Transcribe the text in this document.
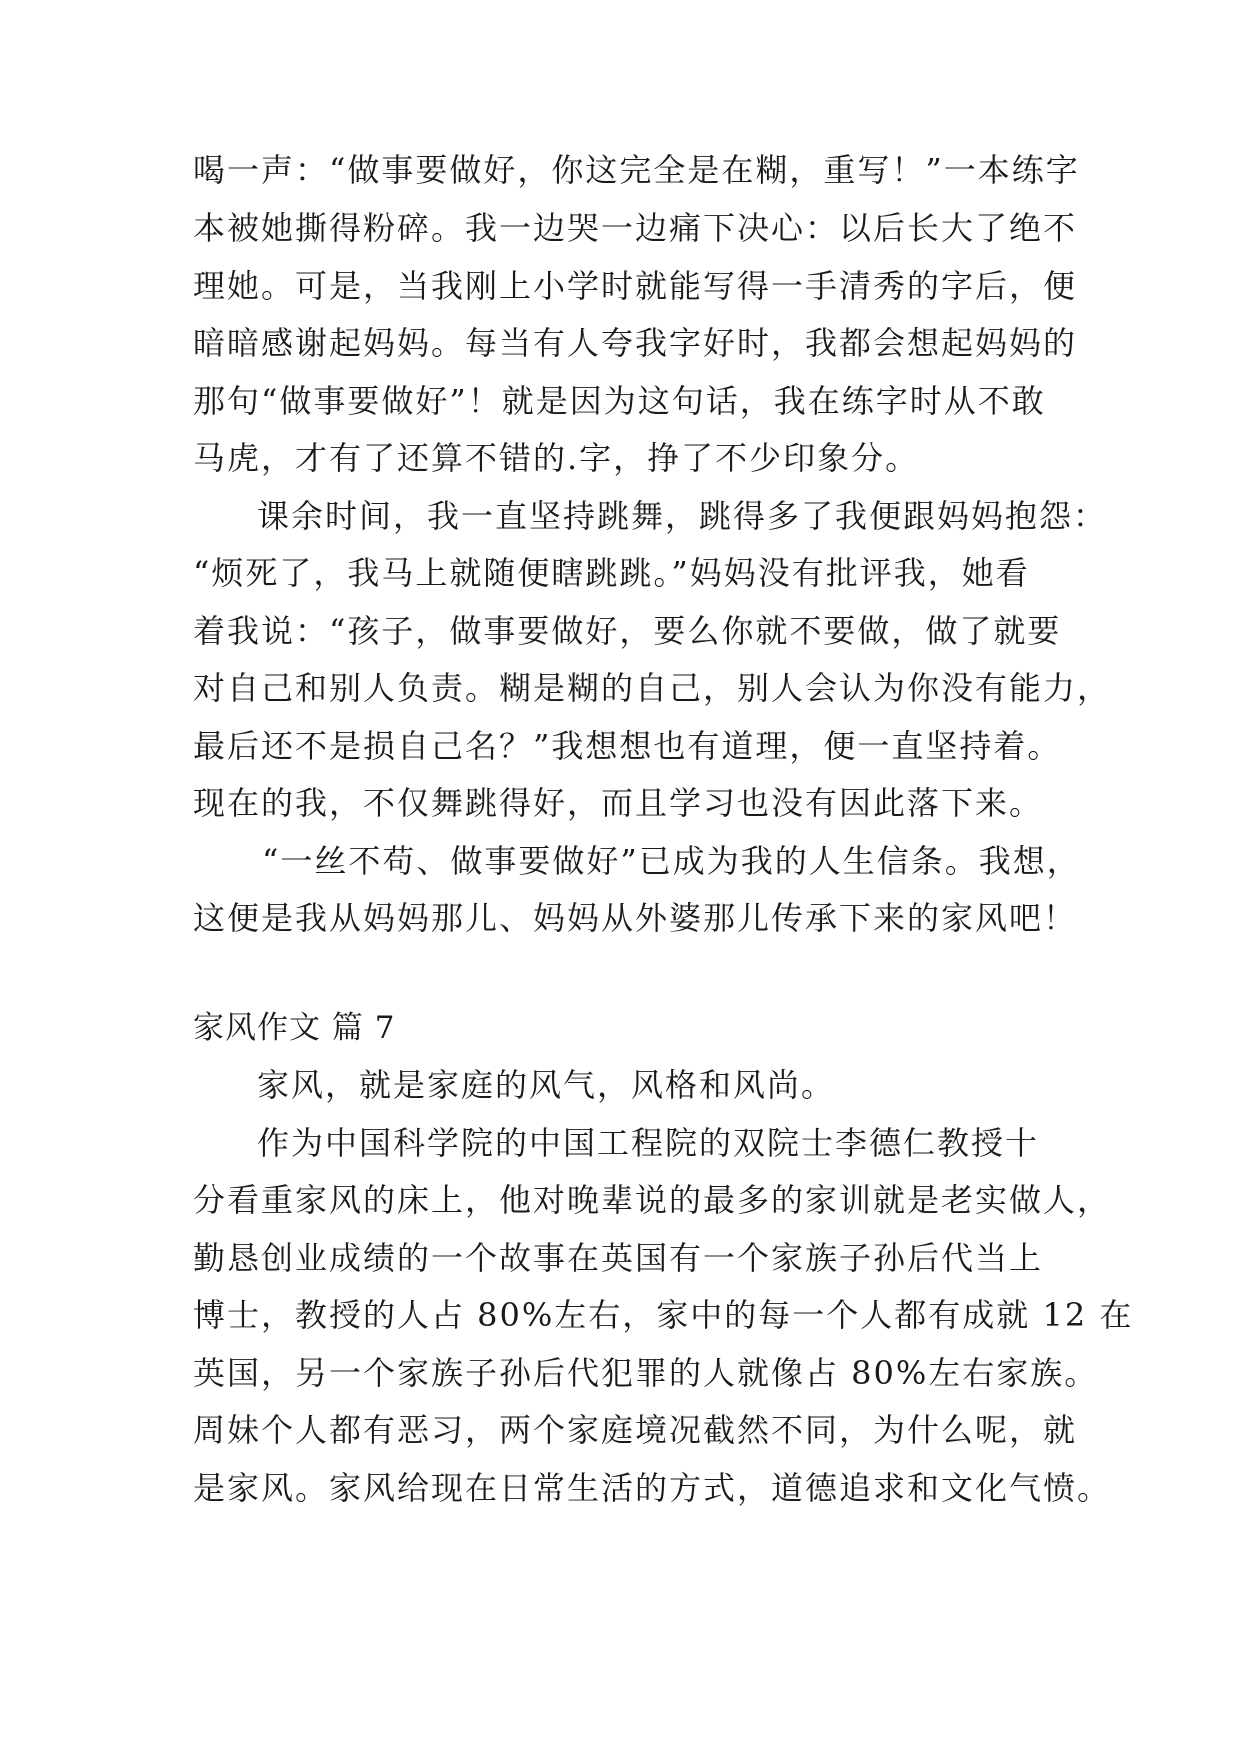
喝一声：“做事要做好，你这完全是在糊，重写！”一本练字
本被她撕得粉碎。我一边哭一边痛下决心：以后长大了绝不
理她。可是，当我刚上小学时就能写得一手清秀的字后，便
暗暗感谢起妈妈。每当有人夸我字好时，我都会想起妈妈的
那句“做事要做好”！就是因为这句话，我在练字时从不敢
马虎，才有了还算不错的.字，挣了不少印象分。
课余时间，我一直坚持跳舞，跳得多了我便跟妈妈抱怨：
“烦死了，我马上就随便瞎跳跳。”妈妈没有批评我，她看
着我说：“孩子，做事要做好，要么你就不要做，做了就要
对自己和别人负责。糊是糊的自己，别人会认为你没有能力，
最后还不是损自己名？”我想想也有道理，便一直坚持着。
现在的我，不仅舞跳得好，而且学习也没有因此落下来。
“一丝不苟、做事要做好”已成为我的人生信条。我想，
这便是我从妈妈那儿、妈妈从外婆那儿传承下来的家风吧！
家风作文 篇 7
家风，就是家庭的风气，风格和风尚。
作为中国科学院的中国工程院的双院士李德仁教授十
分看重家风的床上，他对晚辈说的最多的家训就是老实做人，
勤恳创业成绩的一个故事在英国有一个家族子孙后代当上
博士，教授的人占 80%左右，家中的每一个人都有成就 12 在
英国，另一个家族子孙后代犯罪的人就像占 80%左右家族。
周妹个人都有恶习，两个家庭境况截然不同，为什么呢，就
是家风。家风给现在日常生活的方式，道德追求和文化气愤。
